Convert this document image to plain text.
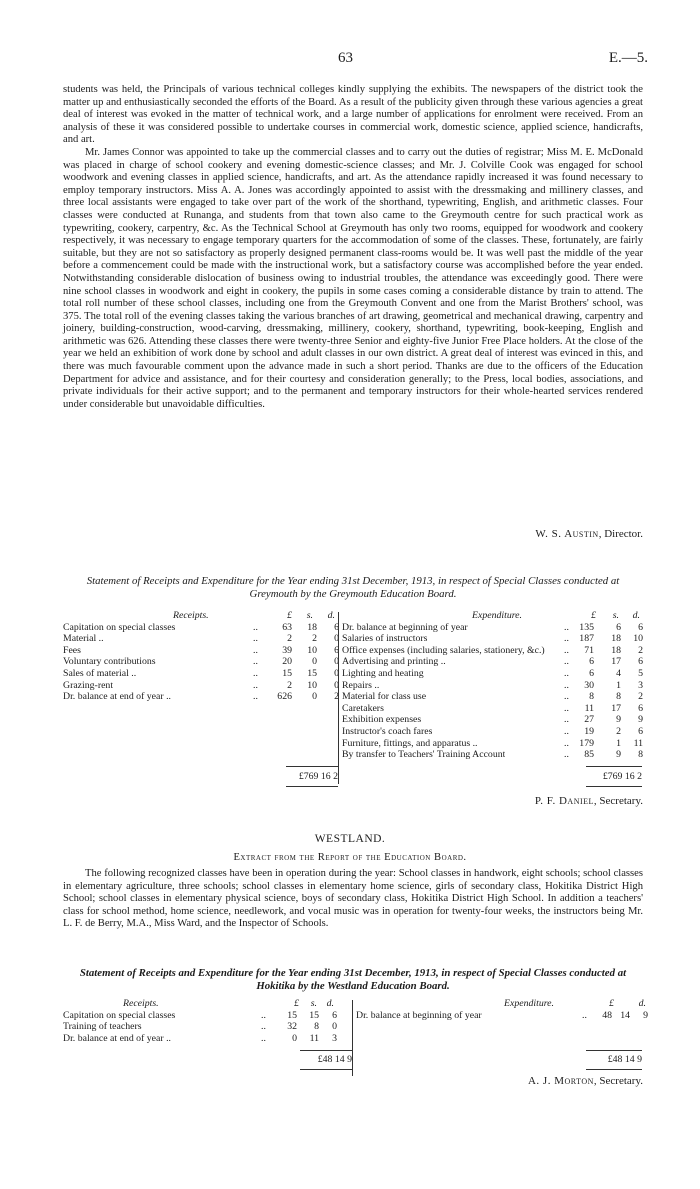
63	E.—5.

students was held, the Principals of various technical colleges kindly supplying the exhibits. The newspapers of the district took the matter up and enthusiastically seconded the efforts of the Board. As a result of the publicity given through these various agencies a great deal of interest was evoked in the matter of technical work, and a large number of applications for enrolment were received. From an analysis of these it was considered possible to undertake courses in commercial work, domestic science, applied science, handicrafts, and art.

Mr. James Connor was appointed to take up the commercial classes and to carry out the duties of registrar; Miss M. E. McDonald was placed in charge of school cookery and evening domestic-science classes; and Mr. J. Colville Cook was engaged for school woodwork and evening classes in applied science, handicrafts, and art. As the attendance rapidly increased it was found necessary to employ temporary instructors. Miss A. A. Jones was accordingly appointed to assist with the dressmaking and millinery classes, and three local assistants were engaged to take over part of the work of the shorthand, typewriting, English, and arithmetic classes. Four classes were conducted at Runanga, and students from that town also came to the Greymouth centre for such practical work as typewriting, cookery, carpentry, &c. As the Technical School at Greymouth has only two rooms, equipped for woodwork and cookery respectively, it was necessary to engage temporary quarters for the accommodation of some of the classes. These, fortunately, are fairly suitable, but they are not so satisfactory as properly designed permanent class-rooms would be. It was well past the middle of the year before a commencement could be made with the instructional work, but a satisfactory course was accomplished before the year ended. Notwithstanding considerable dislocation of business owing to industrial troubles, the attendance was exceedingly good. There were nine school classes in woodwork and eight in cookery, the pupils in some cases coming a considerable distance by train to attend. The total roll number of these school classes, including one from the Greymouth Convent and one from the Marist Brothers' school, was 375. The total roll of the evening classes taking the various branches of art drawing, geometrical and mechanical drawing, carpentry and joinery, building-construction, wood-carving, dressmaking, millinery, cookery, shorthand, typewriting, book-keeping, English and arithmetic was 626. Attending these classes there were twenty-three Senior and eighty-five Junior Free Place holders. At the close of the year we held an exhibition of work done by school and adult classes in our own district. A great deal of interest was evinced in this, and there was much favourable comment upon the advance made in such a short period. Thanks are due to the officers of the Education Department for advice and assistance, and for their courtesy and consideration generally; to the Press, local bodies, associations, and private individuals for their active support; and to the permanent and temporary instructors for their whole-hearted services rendered under considerable but unavoidable difficulties.

W. S. Austin, Director.
Statement of Receipts and Expenditure for the Year ending 31st December, 1913, in respect of Special Classes conducted at Greymouth by the Greymouth Education Board.
Receipts.	£	s.	d.
Capitation on special classes	..	63	18	6
Material ..	..	2	2	0
Fees	..	39	10	6
Voluntary contributions	..	20	0	0
Sales of material ..	..	15	15	0
Grazing-rent	..	2	10	0
Dr. balance at end of year ..	..	626	0	2
Expenditure.	£	s.	d.
Dr. balance at beginning of year	..	135	6	6
Salaries of instructors	..	187	18	10
Office expenses (including salaries, stationery, &c.) ..	71	18	2
Advertising and printing ..	..	6	17	6
Lighting and heating	..	6	4	5
Repairs ..	..	30	1	3
Material for class use	..	8	8	2
Caretakers	..	11	17	6
Exhibition expenses	..	27	9	9
Instructor's coach fares	..	19	2	6
Furniture, fittings, and apparatus ..	..	179	1	11
By transfer to Teachers' Training Account	..	85	9	8
£769 16 2	£769 16 2
P. F. Daniel, Secretary.
WESTLAND.
Extract from the Report of the Education Board.

The following recognized classes have been in operation during the year: School classes in handwork, eight schools; school classes in elementary agriculture, three schools; school classes in elementary home science, girls of secondary class, Hokitika District High School; school classes in elementary physical science, boys of secondary class, Hokitika District High School. In addition a teachers' class for school method, home science, needlework, and vocal music was in operation for twenty-four weeks, the instructors being Mr. L. F. de Berry, M.A., Miss Ward, and the Inspector of Schools.

Statement of Receipts and Expenditure for the Year ending 31st December, 1913, in respect of Special Classes conducted at Hokitika by the Westland Education Board.
Receipts.	£	s. d.
Capitation on special classes	..	15	15	6
Training of teachers	..	32	8	0
Dr. balance at end of year ..	..	0	11	3
Expenditure.	£	d.
Dr. balance at beginning of year	..	48 14	9
£48 14 9	£48 14 9
A. J. Morton, Secretary.
